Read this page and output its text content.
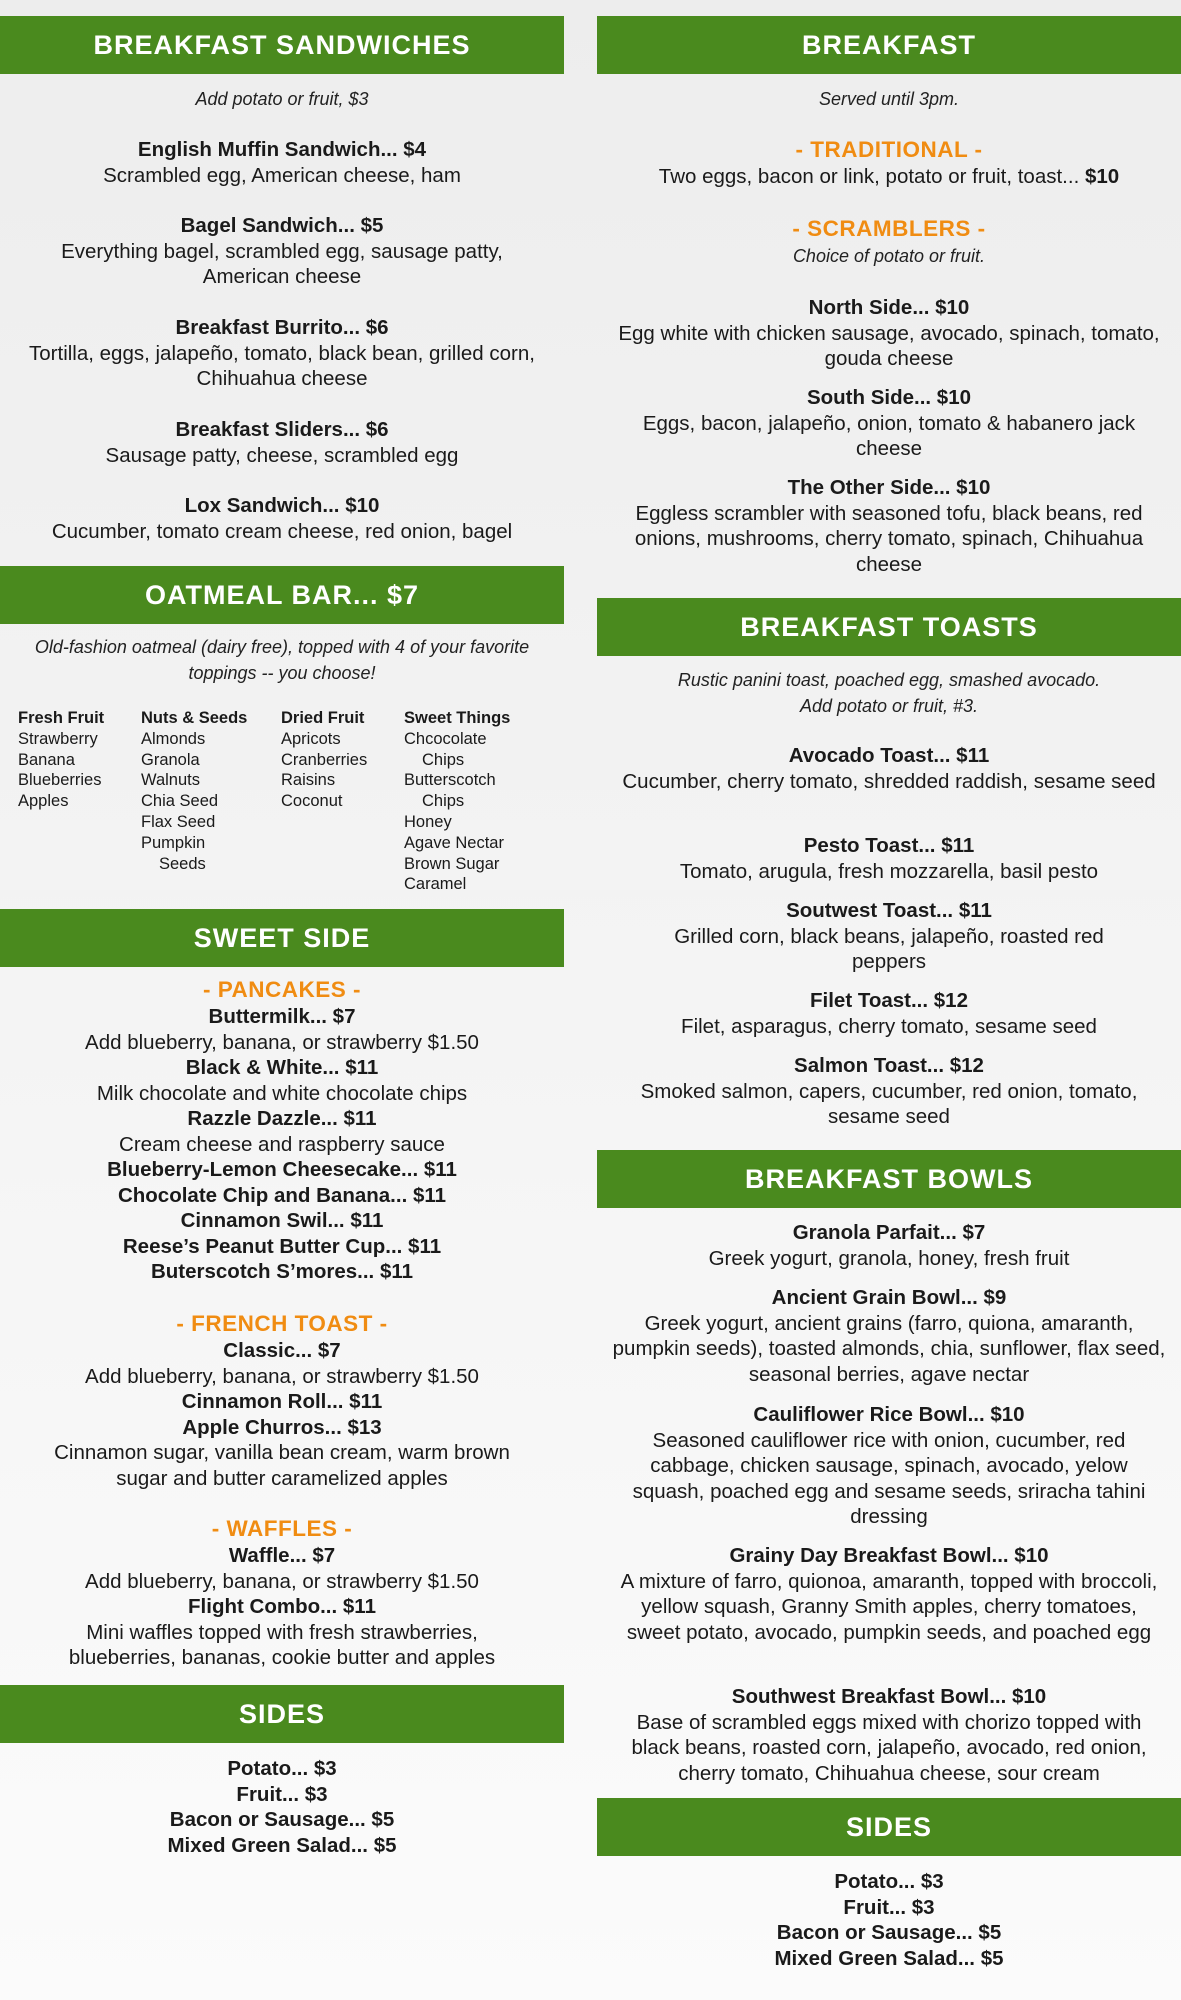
BREAKFAST SANDWICHES
Add potato or fruit, $3
English Muffin Sandwich... $4
Scrambled egg, American cheese, ham
Bagel Sandwich... $5
Everything bagel, scrambled egg, sausage patty, American cheese
Breakfast Burrito... $6
Tortilla, eggs, jalapeño, tomato, black bean, grilled corn, Chihuahua cheese
Breakfast Sliders... $6
Sausage patty, cheese, scrambled egg
Lox Sandwich... $10
Cucumber, tomato cream cheese, red onion, bagel
OATMEAL BAR... $7
Old-fashion oatmeal (dairy free), topped with 4 of your favorite toppings -- you choose!
Fresh Fruit
Strawberry
Banana
Blueberries
Apples
Nuts & Seeds
Almonds
Granola
Walnuts
Chia Seed
Flax Seed
Pumpkin
Seeds
Dried Fruit
Apricots
Cranberries
Raisins
Coconut
Sweet Things
Chcocolate
Chips
Butterscotch
Chips
Honey
Agave Nectar
Brown Sugar
Caramel
SWEET SIDE
- PANCAKES -
Buttermilk... $7
Add blueberry, banana, or strawberry $1.50
Black & White... $11
Milk chocolate and white chocolate chips
Razzle Dazzle... $11
Cream cheese and raspberry sauce
Blueberry-Lemon Cheesecake... $11
Chocolate Chip and Banana... $11
Cinnamon Swil... $11
Reese’s Peanut Butter Cup... $11
Buterscotch S’mores... $11
- FRENCH TOAST -
Classic... $7
Add blueberry, banana, or strawberry $1.50
Cinnamon Roll... $11
Apple Churros... $13
Cinnamon sugar, vanilla bean cream, warm brown sugar and butter caramelized apples
- WAFFLES -
Waffle... $7
Add blueberry, banana, or strawberry $1.50
Flight Combo... $11
Mini waffles topped with fresh strawberries, blueberries, bananas, cookie butter and apples
SIDES
Potato... $3
Fruit... $3
Bacon or Sausage... $5
Mixed Green Salad... $5
BREAKFAST
Served until 3pm.
- TRADITIONAL -
Two eggs, bacon or link, potato or fruit, toast... $10
- SCRAMBLERS -
Choice of potato or fruit.
North Side... $10
Egg white with chicken sausage, avocado, spinach, tomato, gouda cheese
South Side... $10
Eggs, bacon, jalapeño, onion, tomato & habanero jack cheese
The Other Side... $10
Eggless scrambler with seasoned tofu, black beans, red onions, mushrooms, cherry tomato, spinach, Chihuahua cheese
BREAKFAST TOASTS
Rustic panini toast, poached egg, smashed avocado.
Add potato or fruit, #3.
Avocado Toast... $11
Cucumber, cherry tomato, shredded raddish, sesame seed
Pesto Toast... $11
Tomato, arugula, fresh mozzarella, basil pesto
Soutwest Toast... $11
Grilled corn, black beans, jalapeño, roasted red peppers
Filet Toast... $12
Filet, asparagus, cherry tomato, sesame seed
Salmon Toast... $12
Smoked salmon, capers, cucumber, red onion, tomato, sesame seed
BREAKFAST BOWLS
Granola Parfait... $7
Greek yogurt, granola, honey, fresh fruit
Ancient Grain Bowl... $9
Greek yogurt, ancient grains (farro, quiona, amaranth, pumpkin seeds), toasted almonds, chia, sunflower, flax seed, seasonal berries, agave nectar
Cauliflower Rice Bowl... $10
Seasoned cauliflower rice with onion, cucumber, red cabbage, chicken sausage, spinach, avocado, yelow squash, poached egg and sesame seeds, sriracha tahini dressing
Grainy Day Breakfast Bowl... $10
A mixture of farro, quionoa, amaranth, topped with broccoli, yellow squash, Granny Smith apples, cherry tomatoes, sweet potato, avocado, pumpkin seeds, and poached egg
Southwest Breakfast Bowl... $10
Base of scrambled eggs mixed with chorizo topped with black beans, roasted corn, jalapeño, avocado, red onion, cherry tomato, Chihuahua cheese, sour cream
SIDES
Potato... $3
Fruit... $3
Bacon or Sausage... $5
Mixed Green Salad... $5
